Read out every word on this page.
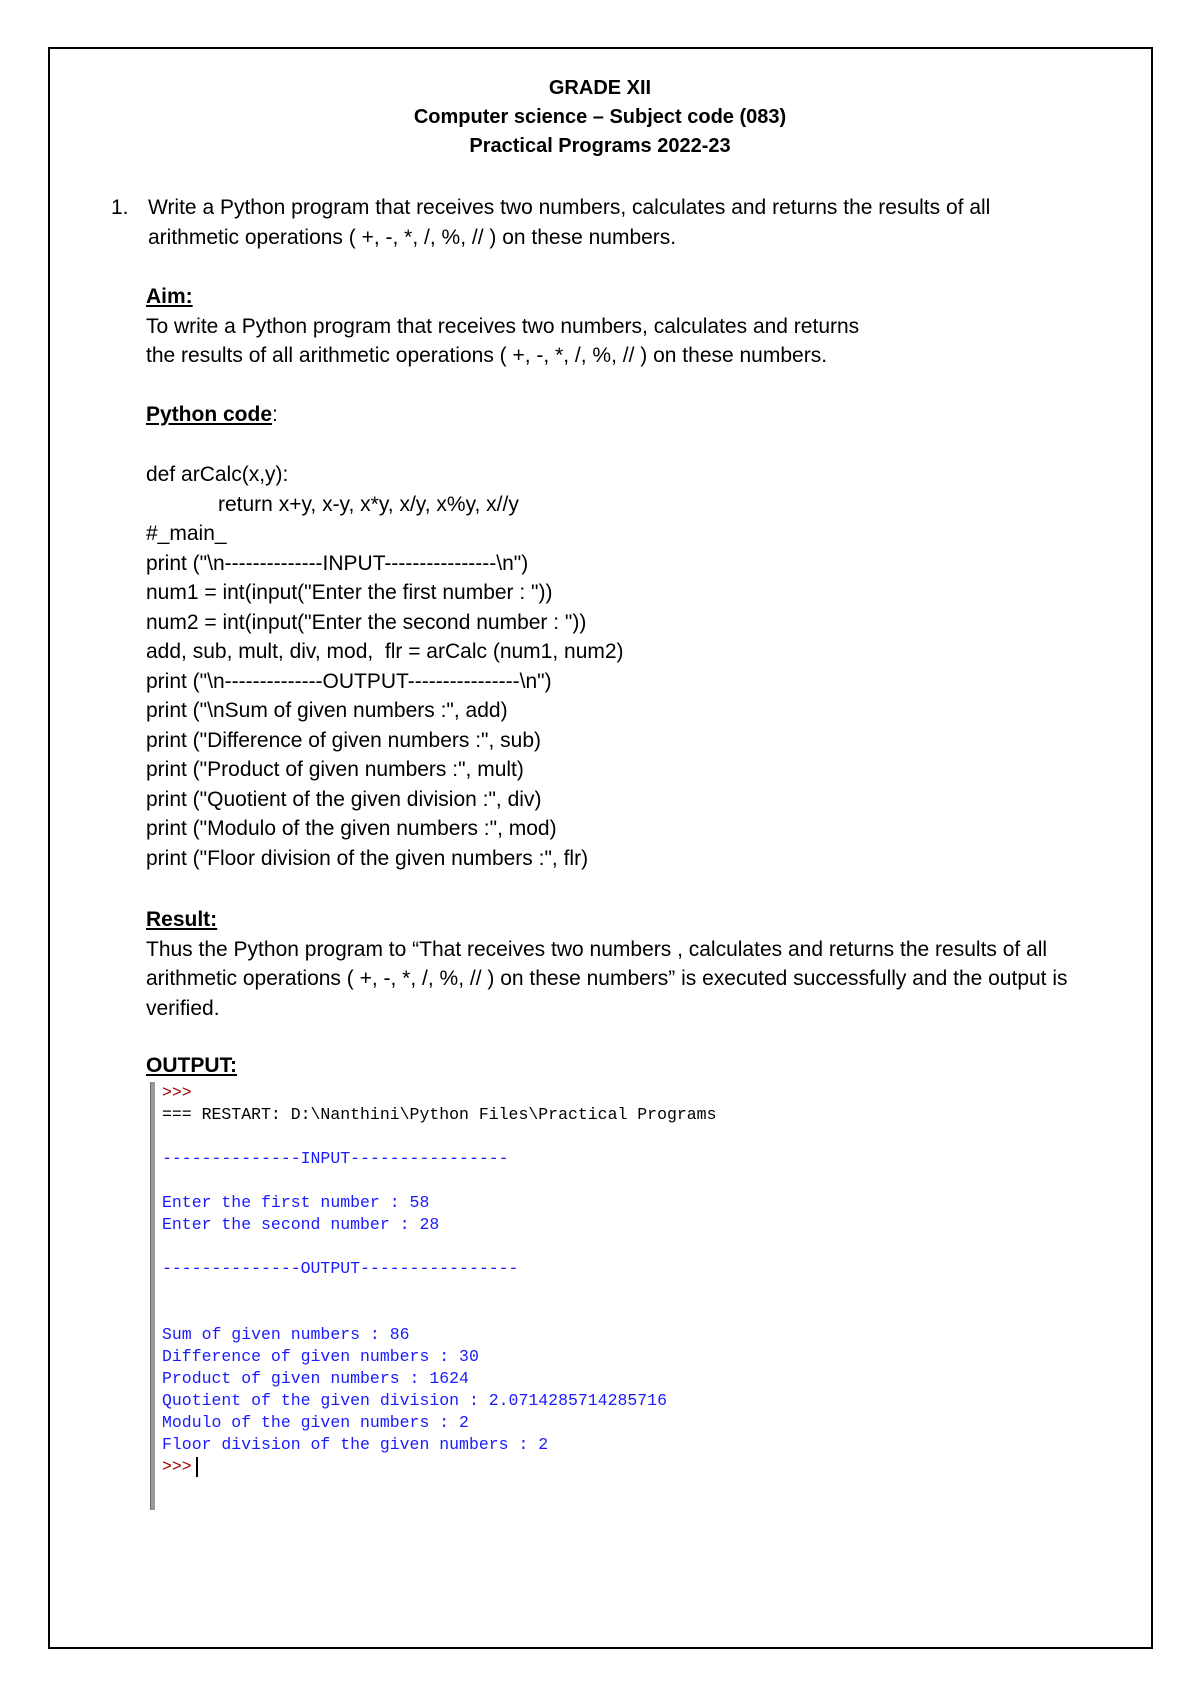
GRADE XII
Computer science – Subject code (083)
Practical Programs 2022-23
1. Write a Python program that receives two numbers, calculates and returns the results of all arithmetic operations ( +, -, *, /, %, // ) on these numbers.
Aim:
To write a Python program that receives two numbers, calculates and returns
the results of all arithmetic operations ( +, -, *, /, %, // ) on these numbers.
Python code:
def arCalc(x,y):
return x+y, x-y, x*y, x/y, x%y, x//y
#_main_
print ("\n--------------INPUT----------------\n")
num1 = int(input("Enter the first number : "))
num2 = int(input("Enter the second number : "))
add, sub, mult, div, mod,  flr = arCalc (num1, num2)
print ("\n--------------OUTPUT----------------\n")
print ("\nSum of given numbers :", add)
print ("Difference of given numbers :", sub)
print ("Product of given numbers :", mult)
print ("Quotient of the given division :", div)
print ("Modulo of the given numbers :", mod)
print ("Floor division of the given numbers :", flr)
Result:
Thus the Python program to “That receives two numbers , calculates and returns the results of all arithmetic operations ( +, -, *, /, %, // ) on these numbers” is executed successfully and the output is verified.
OUTPUT:
>>>
=== RESTART: D:\Nanthini\Python Files\Practical Programs
--------------INPUT----------------
Enter the first number : 58
Enter the second number : 28
--------------OUTPUT----------------
Sum of given numbers : 86
Difference of given numbers : 30
Product of given numbers : 1624
Quotient of the given division : 2.0714285714285716
Modulo of the given numbers : 2
Floor division of the given numbers : 2
>>>
